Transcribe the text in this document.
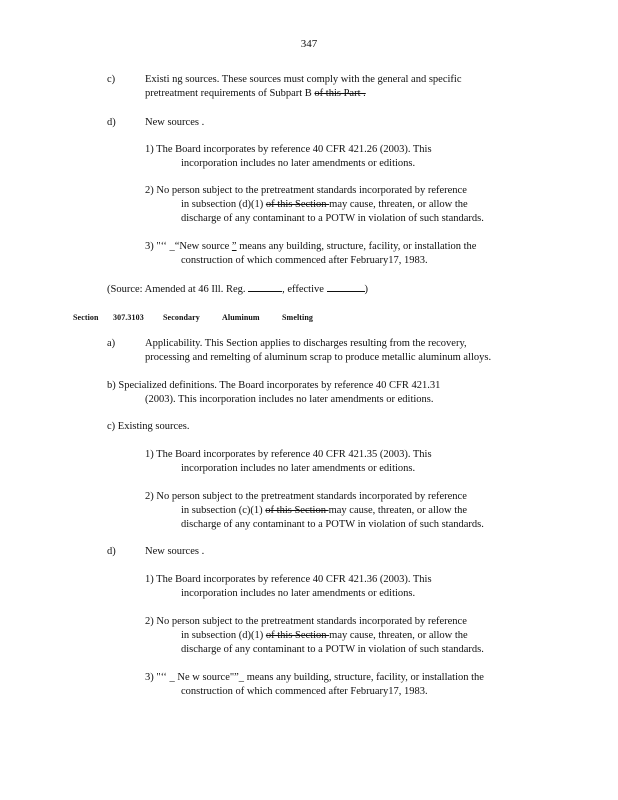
347
c)	Existi ng sources. These sources must comply with the general and specific
pretreatment requirements of Subpart B of this Part .
d)	New sources .
1) The Board incorporates by reference 40 CFR 421.26 (2003). This
incorporation includes no later amendments or editions.
2) No person subject to the pretreatment standards incorporated by reference
in subsection (d)(1) of this Section may cause, threaten, or allow the
discharge of any contaminant to a POTW in violation of such standards.
3) "‘‘ _“New source ” means any building, structure, facility, or installation the
construction of which commenced after February17, 1983.
(Source: Amended at 46 Ill. Reg.	, effective	)
Section 307.3103 Secondary	Aluminum	Smelting
a)	Applicability. This Section applies to discharges resulting from the recovery,
processing and remelting of aluminum scrap to produce metallic aluminum alloys.
b) Specialized definitions. The Board incorporates by reference 40 CFR 421.31
(2003). This incorporation includes no later amendments or editions.
c) Existing sources.
1) The Board incorporates by reference 40 CFR 421.35 (2003). This
incorporation includes no later amendments or editions.
2) No person subject to the pretreatment standards incorporated by reference
in subsection (c)(1) of this Section may cause, threaten, or allow the
discharge of any contaminant to a POTW in violation of such standards.
d)	New sources .
1) The Board incorporates by reference 40 CFR 421.36 (2003). This
incorporation includes no later amendments or editions.
2) No person subject to the pretreatment standards incorporated by reference
in subsection (d)(1) of this Section may cause, threaten, or allow the
discharge of any contaminant to a POTW in violation of such standards.
3) "‘‘ _ Ne w source"”_ means any building, structure, facility, or installation the
construction of which commenced after February17, 1983.
